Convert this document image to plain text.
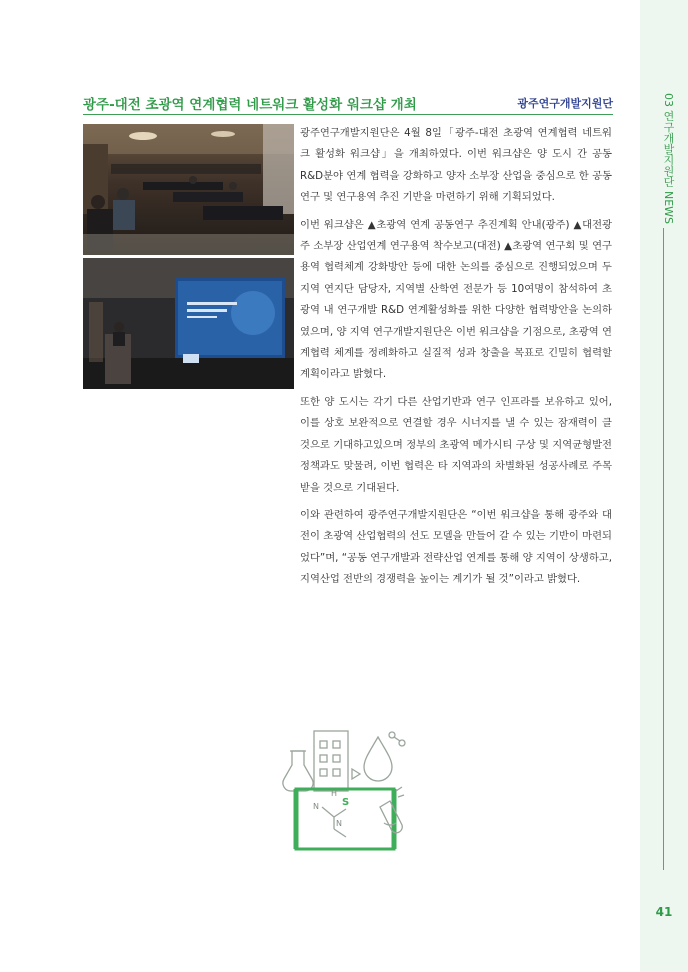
03 연구개발지원단 NEWS
41
광주-대전 초광역 연계협력 네트워크 활성화 워크샵 개최	광주연구개발지원단

광주연구개발지원단은 4월 8일「광주-대전 초광역 연계협력 네트워크 활성화 워크샵」을 개최하였다. 이번 워크샵은 양 도시 간 공동R&D분야 연계 협력을 강화하고 양자 소부장 산업을 중심으로 한 공동연구 및 연구용역 추진 기반을 마련하기 위해 기획되었다.

이번 워크샵은 ▲초광역 연계 공동연구 추진계획 안내(광주) ▲대전광주 소부장 산업연계 연구용역 착수보고(대전) ▲초광역 연구회 및 연구용역 협력체계 강화방안 등에 대한 논의를 중심으로 진행되었으며 두 지역 연지단 담당자, 지역별 산학연 전문가 등 10여명이 참석하여 초광역 내 연구개발 R&D 연계활성화를 위한 다양한 협력방안을 논의하였으며, 양 지역 연구개발지원단은 이번 워크샵을 기점으로, 초광역 연계협력 체계를 정례화하고 실질적 성과 창출을 목표로 긴밀히 협력할 계획이라고 밝혔다.

또한 양 도시는 각기 다른 산업기반과 연구 인프라를 보유하고 있어, 이를 상호 보완적으로 연결할 경우 시너지를 낼 수 있는 잠재력이 클 것으로 기대하고있으며 정부의 초광역 메가시티 구상 및 지역균형발전 정책과도 맞물려, 이번 협력은 타 지역과의 차별화된 성공사례로 주목받을 것으로 기대된다.

이와 관련하여 광주연구개발지원단은 “이번 워크샵을 통해 광주와 대전이 초광역 산업협력의 선도 모델을 만들어 갈 수 있는 기반이 마련되었다”며, “공동 연구개발과 전략산업 연계를 통해 양 지역이 상생하고, 지역산업 전반의 경쟁력을 높이는 계기가 될 것”이라고 밝혔다.

H
N S
N
